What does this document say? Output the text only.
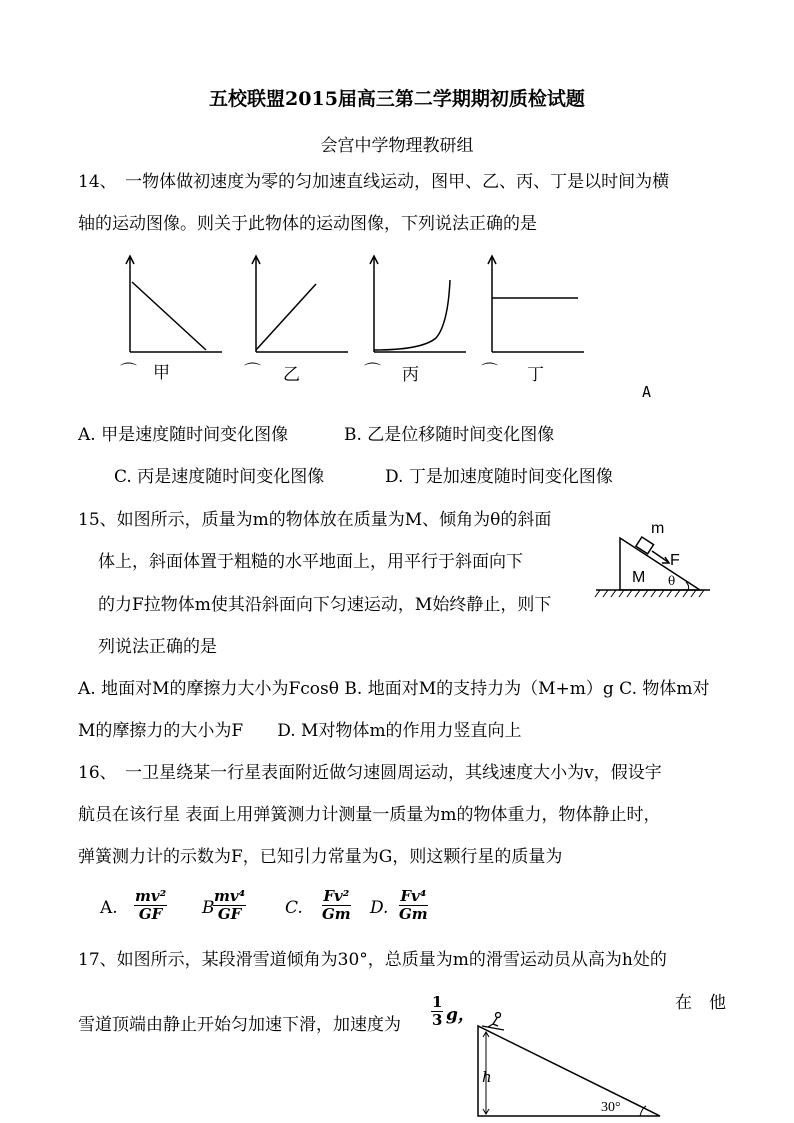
五校联盟2015届高三第二学期期初质检试题
会宫中学物理教研组
14、　一物体做初速度为零的匀加速直线运动，图甲、乙、丙、丁是以时间为横
轴的运动图像。则关于此物体的运动图像，下列说法正确的是
⌒ 甲	⌒ 乙	⌒ 丙	⌒ 丁
A
A. 甲是速度随时间变化图像	B. 乙是位移随时间变化图像
C. 丙是速度随时间变化图像	D. 丁是加速度随时间变化图像
15、如图所示，质量为m的物体放在质量为M、倾角为θ的斜面
体上，斜面体置于粗糙的水平地面上，用平行于斜面向下
的力F拉物体m使其沿斜面向下匀速运动，M始终静止，则下
列说法正确的是
A. 地面对M的摩擦力大小为Fcosθ B. 地面对M的支持力为（M+m）g C. 物体m对
M的摩擦力的大小为F　　D. M对物体m的作用力竖直向上
m
F
M θ
16、　一卫星绕某一行星表面附近做匀速圆周运动，其线速度大小为v，假设宇
航员在该行星 表面上用弹簧测力计测量一质量为m的物体重力，物体静止时，
弹簧测力计的示数为F，已知引力常量为G，则这颗行星的质量为
A. $\frac{\text{mv²}}{GF}$ B
$\frac{\text{mv⁴}}{GF} C$. $\frac{\text{Fv²}}{Gm} D$. $\frac{\text{Fv⁴}}{Gm}$
17、如图所示，某段滑雪道倾角为30°，总质量为m的滑雪运动员从高为h处的
在　他
雪道顶端由静止开始匀加速下滑，加速度为 $\frac{1}{3}$ g，
h
30°
